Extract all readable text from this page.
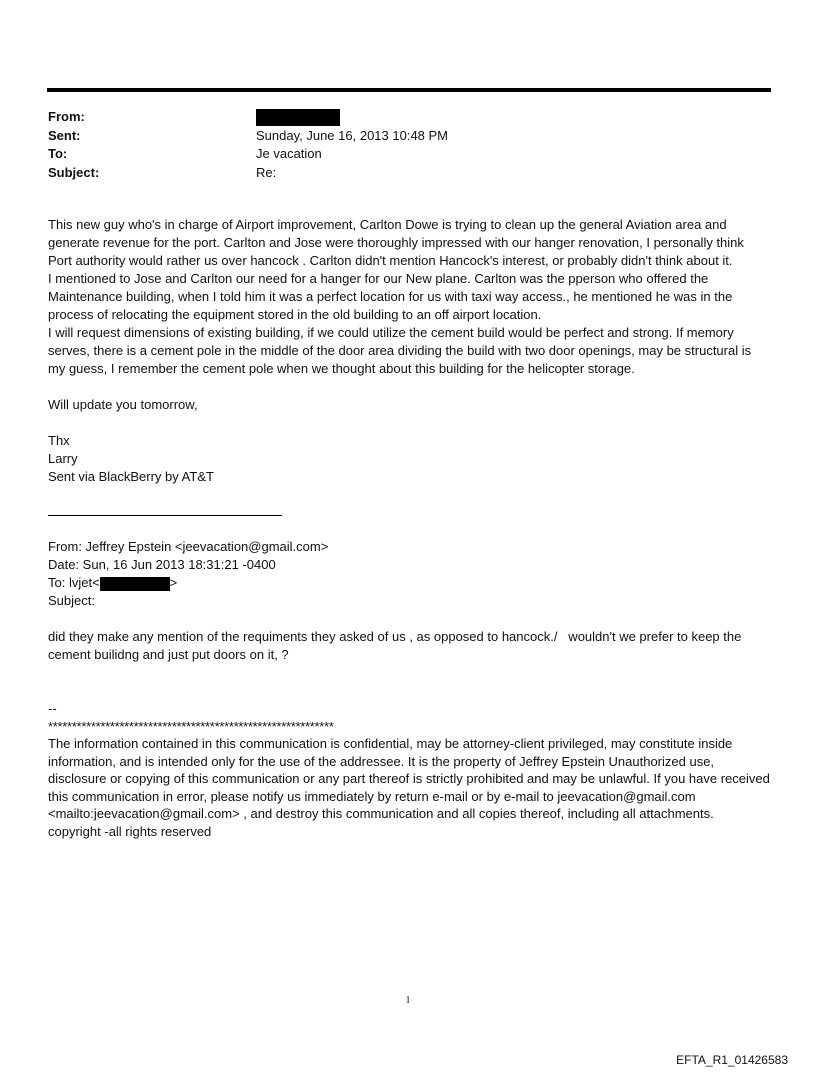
From:
Sent:	Sunday, June 16, 2013 10:48 PM
To:	Je vacation
Subject:	Re:

This new guy who's in charge of Airport improvement, Carlton Dowe is trying to clean up the general Aviation area and generate revenue for the port. Carlton and Jose were thoroughly impressed with our hanger renovation, I personally think Port authority would rather us over hancock . Carlton didn't mention Hancock's interest, or probably didn't think about it.

I mentioned to Jose and Carlton our need for a hanger for our New plane. Carlton was the pperson who offered the Maintenance building, when I told him it was a perfect location for us with taxi way access., he mentioned he was in the process of relocating the equipment stored in the old building to an off airport location.

I will request dimensions of existing building, if we could utilize the cement build would be perfect and strong. If memory serves, there is a cement pole in the middle of the door area dividing the build with two door openings, may be structural is my guess, I remember the cement pole when we thought about this building for the helicopter storage.

Will update you tomorrow,

Thx

Larry

Sent via BlackBerry by AT&T

From: Jeffrey Epstein <jeevacation@gmail.com>

Date: Sun, 16 Jun 2013 18:31:21 -0400

To: lvjet<	>

Subject:

did they make any mention of the requiments they asked of us , as opposed to hancock./   wouldn't we prefer to keep the cement builidng and just put doors on it, ?

--

************************************************************

The information contained in this communication is confidential, may be attorney-client privileged, may constitute inside information, and is intended only for the use of the addressee. It is the property of Jeffrey Epstein Unauthorized use, disclosure or copying of this communication or any part thereof is strictly prohibited and may be unlawful. If you have received this communication in error, please notify us immediately by return e-mail or by e-mail to jeevacation@gmail.com <mailto:jeevacation@gmail.com> , and destroy this communication and all copies thereof, including all attachments. copyright -all rights reserved

1
EFTA_R1_01426583
